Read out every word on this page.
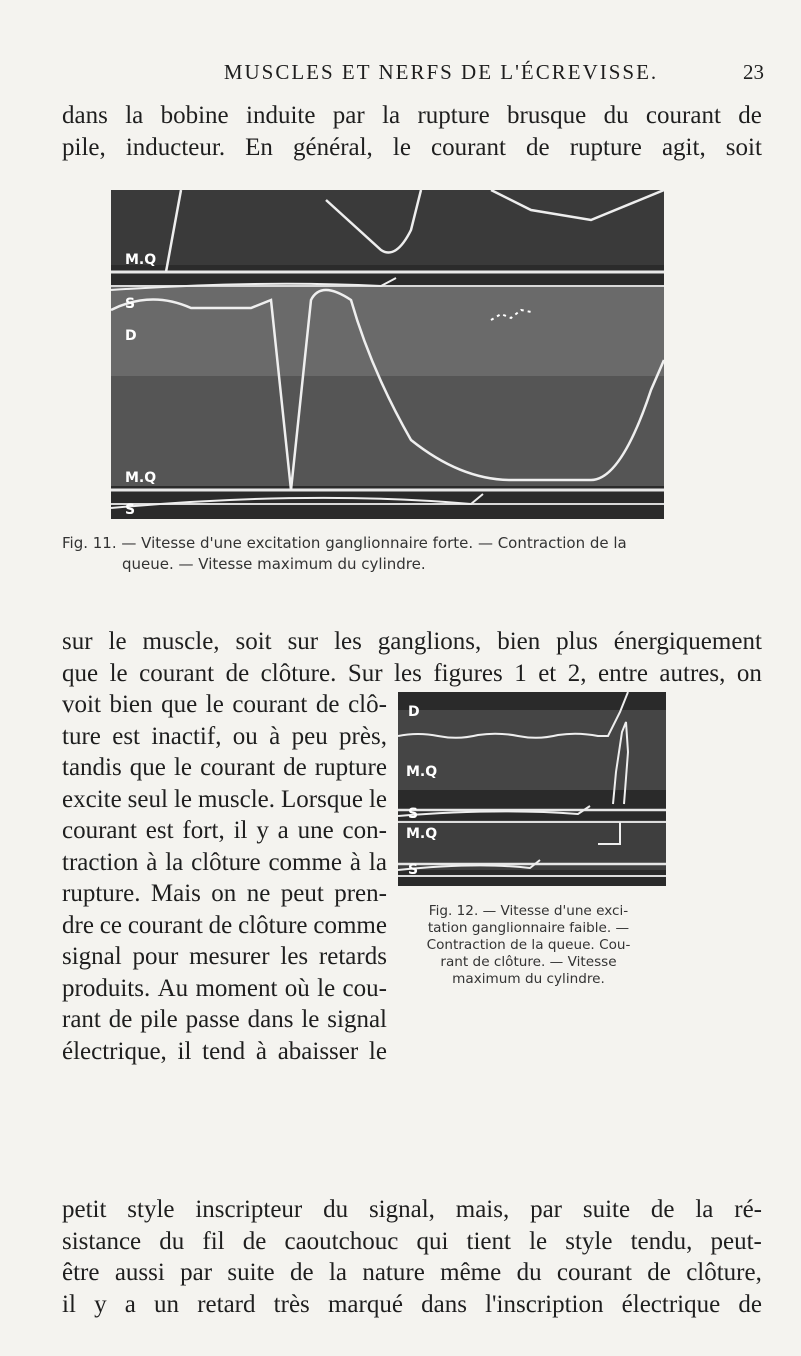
MUSCLES ET NERFS DE L'ÉCREVISSE.	23
dans la bobine induite par la rupture brusque du courant de
pile, inducteur. En général, le courant de rupture agit, soit
M.Q
S
D
M.Q
S
Fig. 11. — Vitesse d'une excitation ganglionnaire forte. — Contraction de la
queue. — Vitesse maximum du cylindre.
sur le muscle, soit sur les ganglions, bien plus énergiquement
que le courant de clôture. Sur les figures 1 et 2, entre autres, on
voit bien que le courant de clô-
ture est inactif, ou à peu près,
tandis que le courant de rupture
excite seul le muscle. Lorsque le
courant est fort, il y a une con-
traction à la clôture comme à la
rupture. Mais on ne peut pren-
dre ce courant de clôture comme
signal pour mesurer les retards
produits. Au moment où le cou-
rant de pile passe dans le signal
électrique, il tend à abaisser le
D
M.Q
S
M.Q
S
Fig. 12. — Vitesse d'une exci-
tation ganglionnaire faible. —
Contraction de la queue. Cou-
rant de clôture. — Vitesse
maximum du cylindre.
petit style inscripteur du signal, mais, par suite de la ré-
sistance du fil de caoutchouc qui tient le style tendu, peut-
être aussi par suite de la nature même du courant de clôture,
il y a un retard très marqué dans l'inscription électrique de
